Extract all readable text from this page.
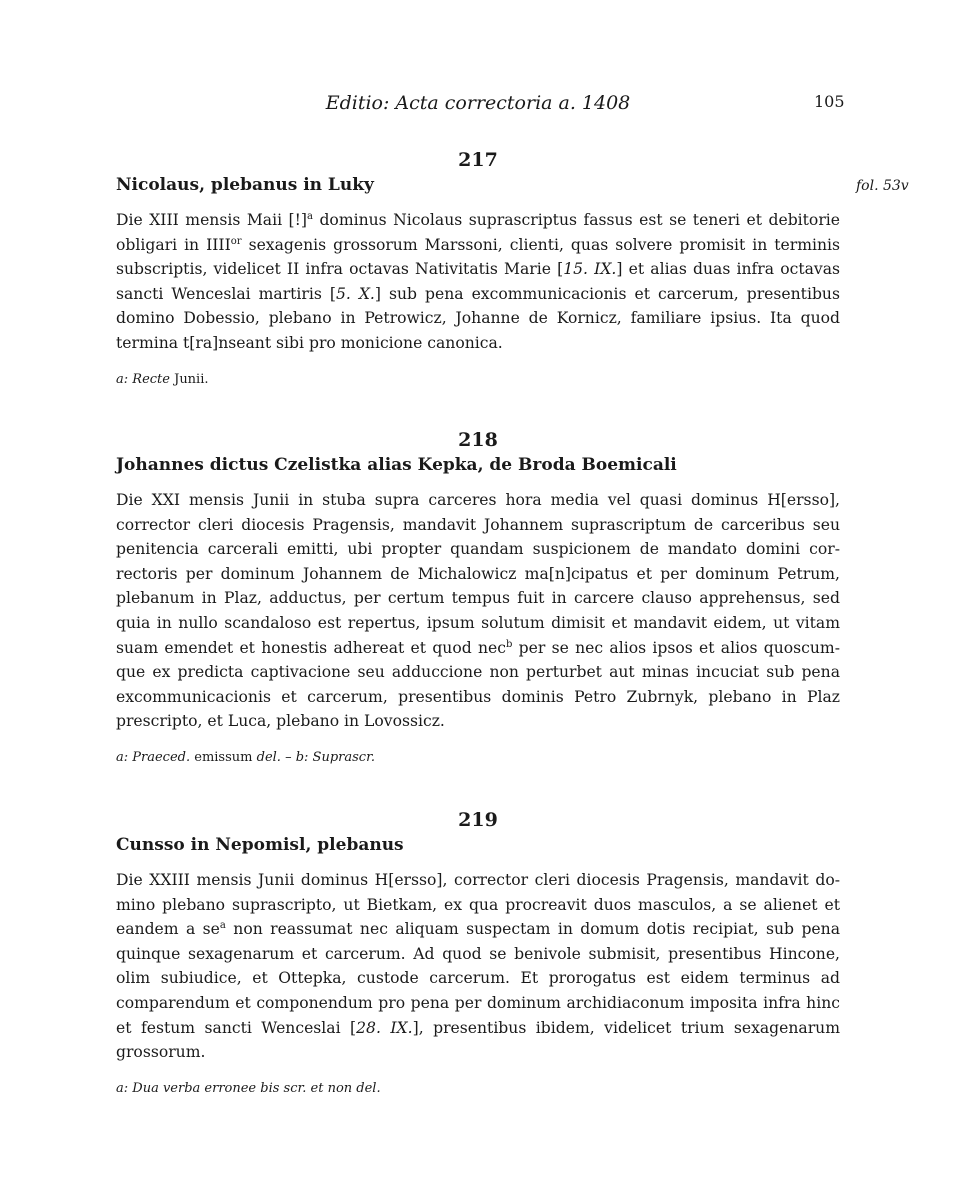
Editio: Acta correctoria a. 1408	105
217
Nicolaus, plebanus in Luky
Die XIII mensis Maii [!]$^a$ dominus Nicolaus suprascriptus fassus est se teneri et debitorie obligari in $IIII^{or}$ sexagenis grossorum Marssoni, clienti, quas solvere promisit in terminis subscriptis, videlicet II infra octavas Nativitatis Marie [15. IX.] et alias duas infra octavas sancti Wenceslai martiris [5. X.] sub pena excommunicacionis et carcerum, presentibus domino Dobessio, plebano in Petrowicz, Johanne de Kornicz, familiare ipsius. Ita quod termina t[ra]nseant sibi pro monicione canonica.
a: Recte Junii.
fol. 53v
218
Johannes dictus Czelistka alias Kepka, de Broda Boemicali
Die XXI mensis Junii in stuba supra carceres hora media vel quasi dominus H[ersso], corrector cleri diocesis Pragensis, mandavit Johannem suprascriptum de carceribus seu penitencia carcerali emitti, ubi propter quandam suspicionem de mandato domini correctoris per dominum Johannem de Michalowicz ma[n]cipatus et per dominum Petrum, plebanum in Plaz, adductus, per certum tempus fuit in carcere clauso apprehensus, sed quia in nullo scandaloso est repertus, ipsum solutum dimisit et mandavit eidem, ut vitam suam emendet et honestis adhereat et quod nec$^b$ per se nec alios ipsos et alios quoscumque ex predicta captivacione seu adduccione non perturbet aut minas incuciat sub pena excommunicacionis et carcerum, presentibus dominis Petro Zubrnyk, plebano in Plaz prescripto, et Luca, plebano in Lovossicz.
a: Praeced. emissum del. – b: Suprascr.
219
Cunsso in Nepomisl, plebanus
Die XXIII mensis Junii dominus H[ersso], corrector cleri diocesis Pragensis, mandavit domino plebano suprascripto, ut Bietkam, ex qua procreavit duos masculos, a se alienet et eandem a $se^a$ non reassumat nec aliquam suspectam in domum dotis recipiat, sub pena quinque sexagenarum et carcerum. Ad quod se benivole submisit, presentibus Hincone, olim subiudice, et Ottepka, custode carcerum. Et prorogatus est eidem terminus ad comparendum et componendum pro pena per dominum archidiaconum imposita infra hinc et festum sancti Wenceslai [28. IX.], presentibus ibidem, videlicet trium sexagenarum grossorum.
a: Dua verba erronee bis scr. et non del.
